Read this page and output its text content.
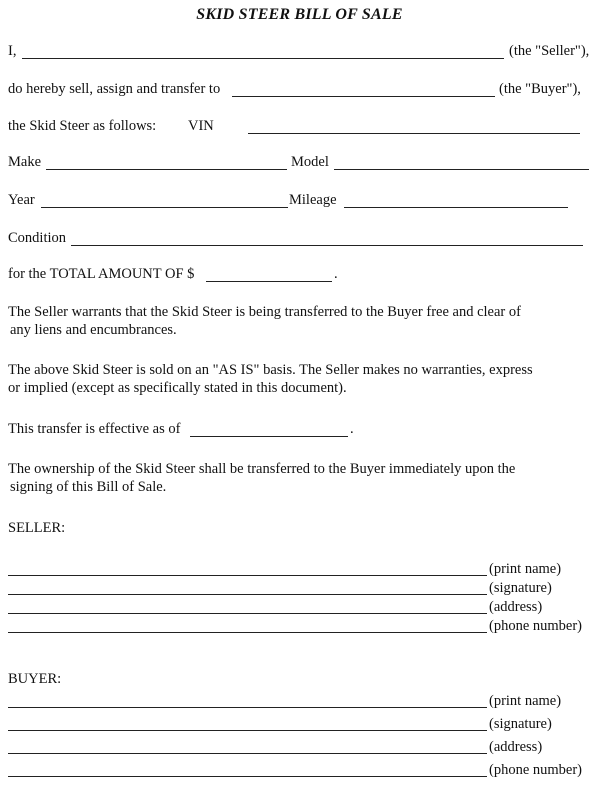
SKID STEER BILL OF SALE
I,	(the "Seller"),
do hereby sell, assign and transfer to	(the "Buyer"),
the Skid Steer as follows: VIN
Make	Model
Year	Mileage
Condition
for the TOTAL AMOUNT OF $	.
The Seller warrants that the Skid Steer is being transferred to the Buyer free and clear of
any liens and encumbrances.
The above Skid Steer is sold on an "AS IS" basis. The Seller makes no warranties, express
or implied (except as specifically stated in this document).
This transfer is effective as of	.
The ownership of the Skid Steer shall be transferred to the Buyer immediately upon the
signing of this Bill of Sale.
SELLER:
(print name)
(signature)
(address)
(phone number)
BUYER:
(print name)
(signature)
(address)
(phone number)
